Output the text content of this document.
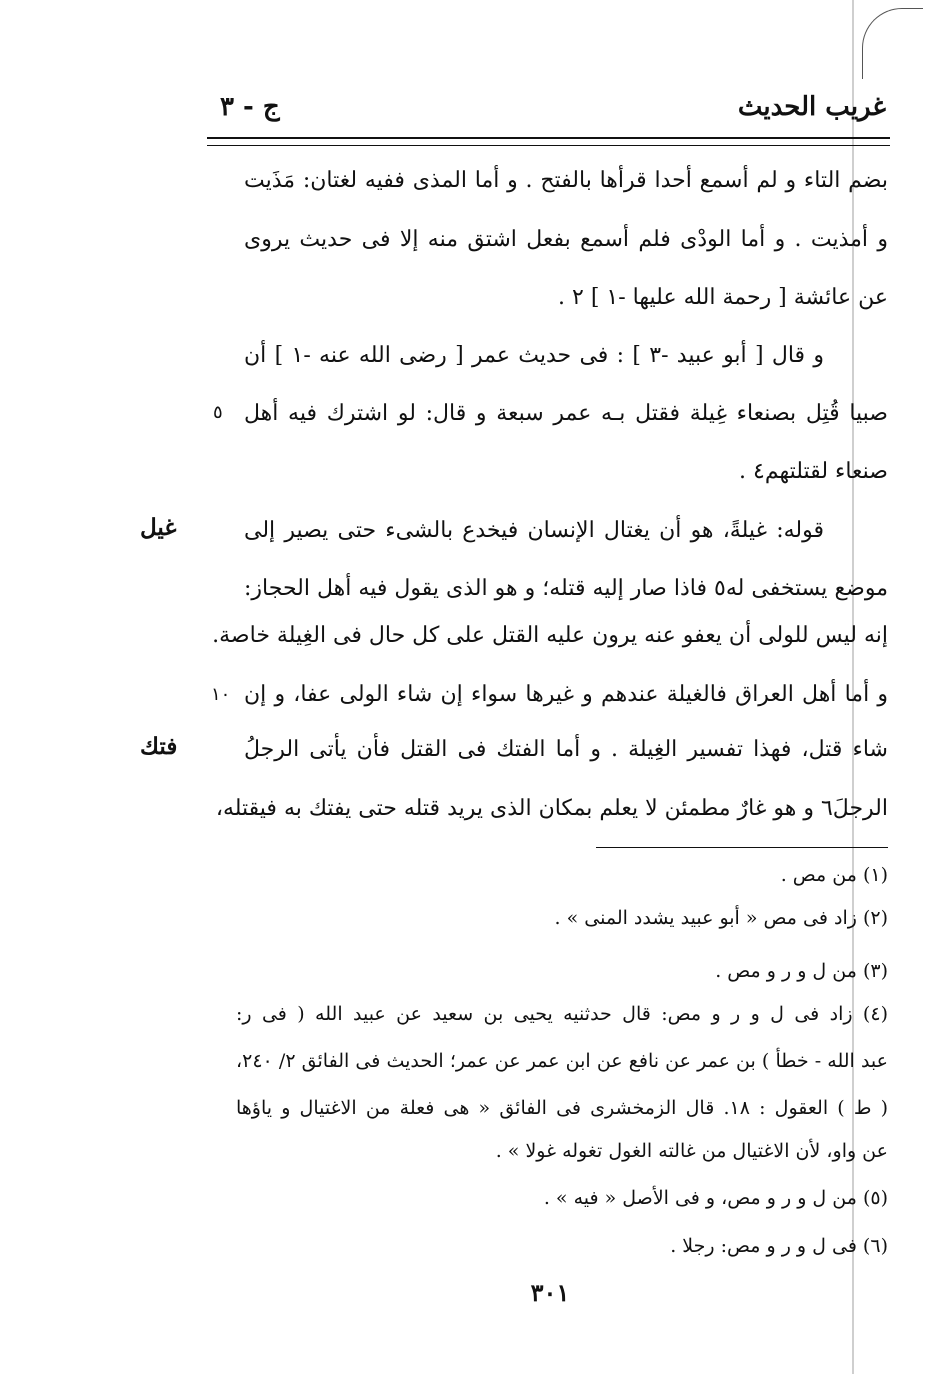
غريب الحديث
ج - ٣
بضم التاء و لم أسمع أحدا قرأها بالفتح . و أما المذى ففيه لغتان: مَذَيت
و أمذيت . و أما الودْى فلم أسمع بفعل اشتق منه إلا فى حديث يروى
عن عائشة [ رحمة الله عليها -١ ] ٢ .
و قال [ أبو عبيد -٣ ] : فى حديث عمر [ رضى الله عنه -١ ] أن
صبيا قُتِل بصنعاء غِيلة فقتل بـه عمر سبعة و قال: لو اشترك فيه أهل
صنعاء لقتلتهم٤ .
قوله: غيلةً، هو أن يغتال الإنسان فيخدع بالشىء حتى يصير إلى
موضع يستخفى له٥ فاذا صار إليه قتله؛ و هو الذى يقول فيه أهل الحجاز:
إنه ليس للولى أن يعفو عنه يرون عليه القتل على كل حال فى الغِيلة خاصة.
و أما أهل العراق فالغيلة عندهم و غيرها سواء إن شاء الولى عفا، و إن
شاء قتل، فهذا تفسير الغِيلة . و أما الفتك فى القتل فأن يأتى الرجلُ
الرجلَ٦ و هو غارٌ مطمئن لا يعلم بمكان الذى يريد قتله حتى يفتك به فيقتله،
غيل
فتك
٥
١٠
(١) من مص .
(٢) زاد فى مص « أبو عبيد يشدد المنى » .
(٣) من ل و ر و مص .
(٤) زاد فى ل و ر و مص: قال حدثنيه يحيى بن سعيد عن عبيد الله ( فى ر:
عبد الله - خطأ ) بن عمر عن نافع عن ابن عمر عن عمر؛ الحديث فى الفائق ٢/ ٢٤٠،
( ط ) العقول : ١٨. قال الزمخشرى فى الفائق « هى فعلة من الاغتيال و ياؤها
عن واو، لأن الاغتيال من غالته الغول تغوله غولا » .
(٥) من ل و ر و مص، و فى الأصل « فيه » .
(٦) فى ل و ر و مص: رجلا .
٣٠١
